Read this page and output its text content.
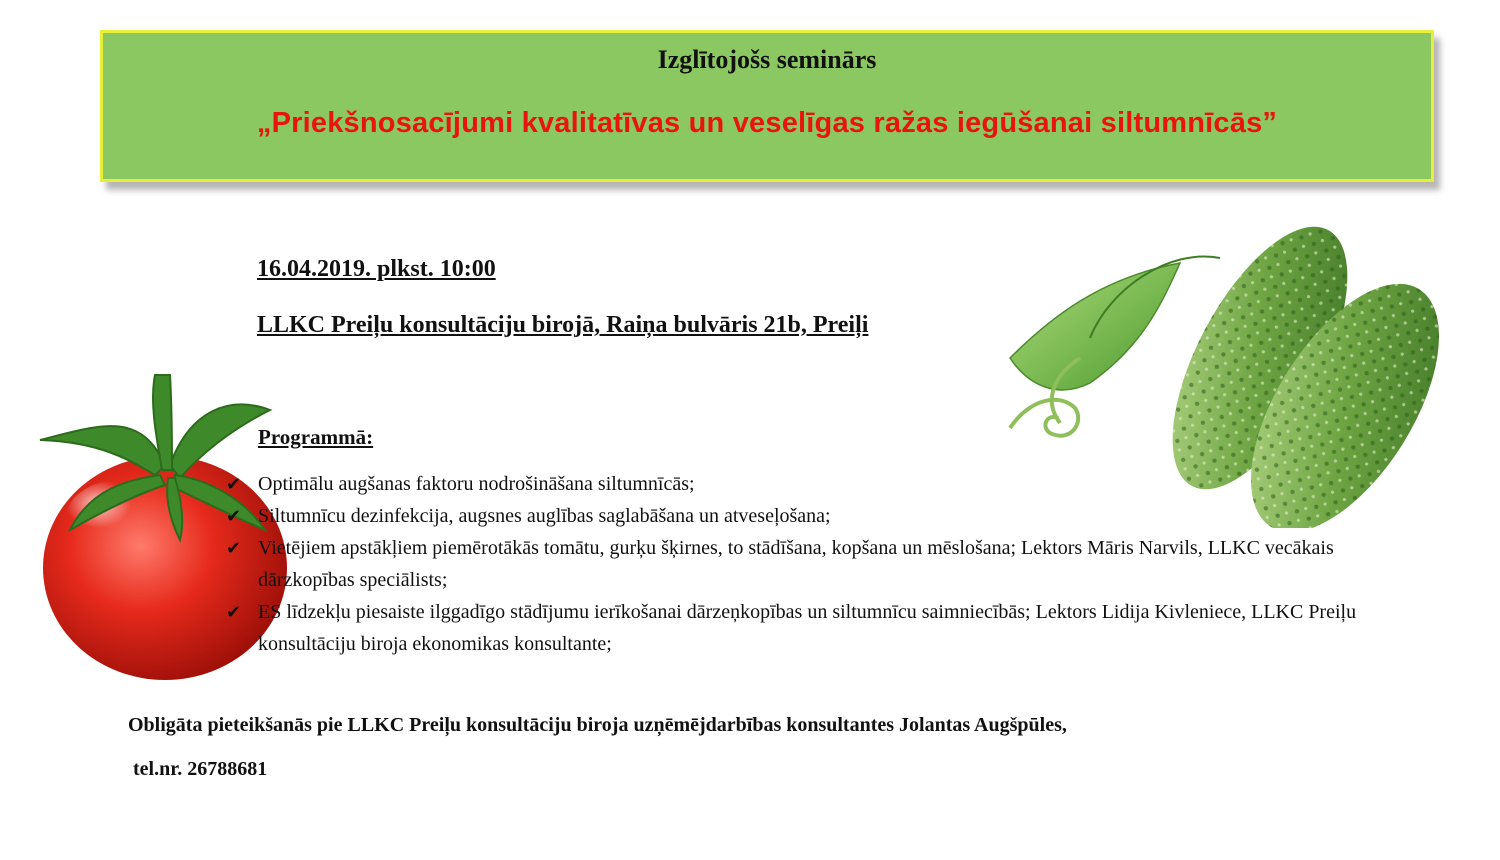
Izglītojošs seminārs
„Priekšnosacījumi kvalitatīvas un veselīgas ražas iegūšanai siltumnīcās”
16.04.2019. plkst. 10:00
LLKC Preiļu konsultāciju birojā, Raiņa bulvāris 21b, Preiļi
Programmā:
✔ Optimālu augšanas faktoru nodrošināšana siltumnīcās;
✔ Siltumnīcu dezinfekcija, augsnes auglības saglabāšana un atveseļošana;
✔ Vietējiem apstākļiem piemērotākās tomātu, gurķu šķirnes, to stādīšana, kopšana un mēslošana; Lektors Māris Narvils, LLKC vecākais dārzkopības speciālists;
✔ ES līdzekļu piesaiste ilggadīgo stādījumu ierīkošanai dārzeņkopības un siltumnīcu saimniecībās; Lektors Lidija Kivleniece, LLKC Preiļu konsultāciju biroja ekonomikas konsultante;
Obligāta pieteikšanās pie LLKC Preiļu konsultāciju biroja uzņēmējdarbības konsultantes Jolantas Augšpūles,
tel.nr. 26788681
